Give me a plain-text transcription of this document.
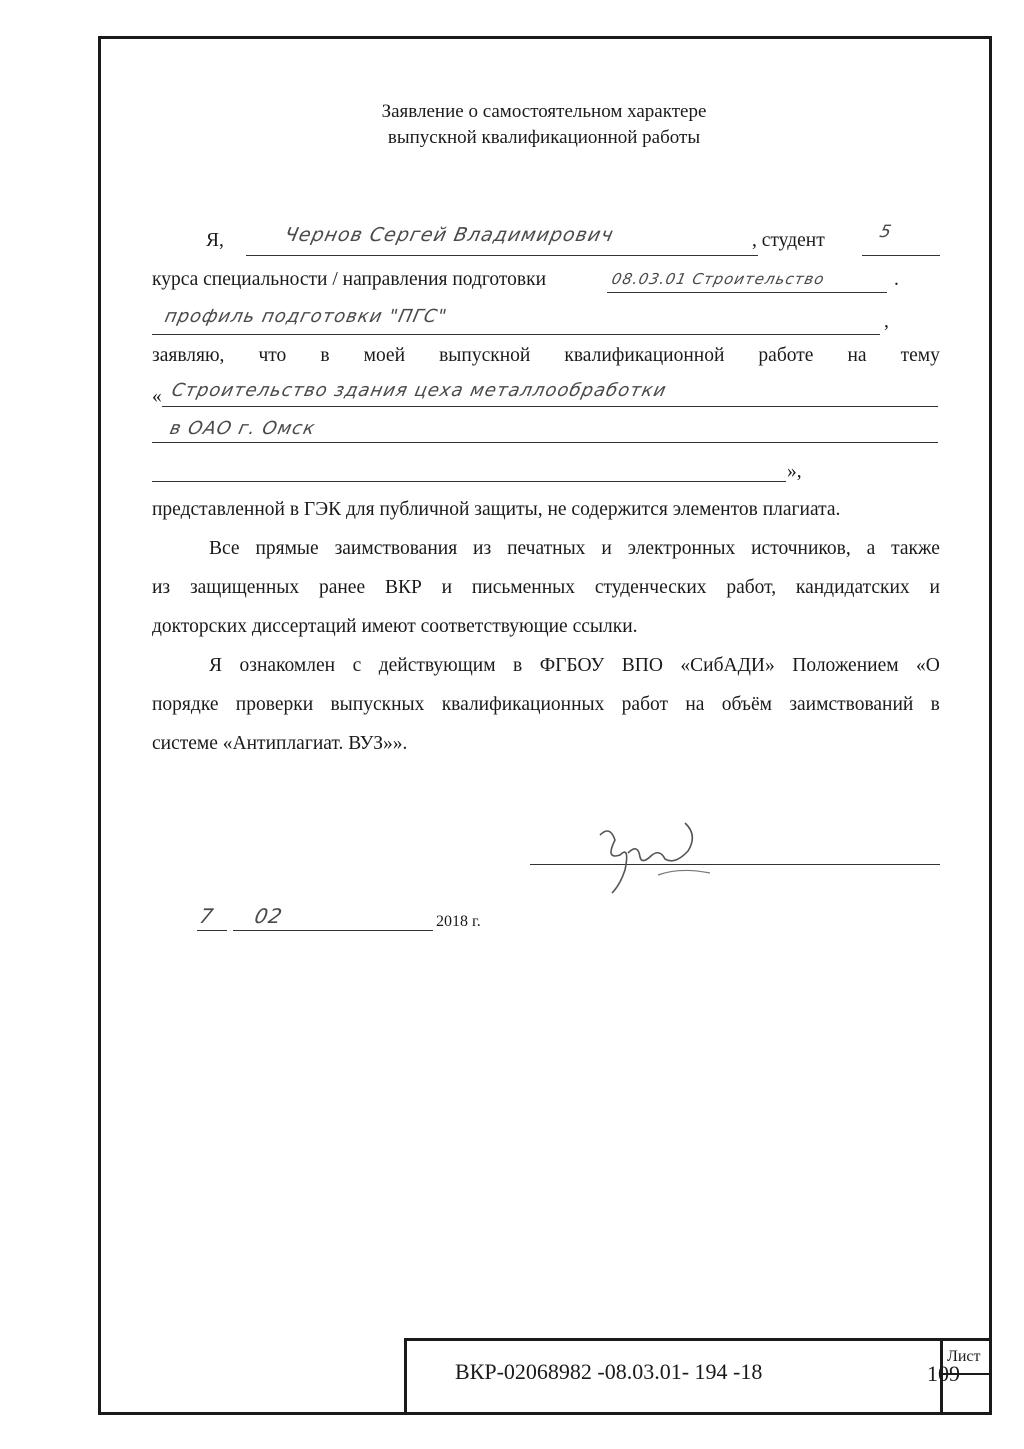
Заявление о самостоятельном характере
выпускной квалификационной работы
Я,	Чернов Сергей Владимирович	, студент	5
курса специальности / направления подготовки	08.03.01 Строительство	.
профиль подготовки "ПГС"	,
заявляю, что в моей выпускной квалификационной работе на тему
« Строительство здания цеха металлообработки
в ОАО г. Омск
»,
представленной в ГЭК для публичной защиты, не содержится элементов плагиата.
Все прямые заимствования из печатных и электронных источников, а также
из защищенных ранее ВКР и письменных студенческих работ, кандидатских и
докторских диссертаций имеют соответствующие ссылки.
Я ознакомлен с действующим в ФГБОУ ВПО «СибАДИ» Положением «О
порядке проверки выпускных квалификационных работ на объём заимствований в
системе «Антиплагиат. ВУЗ»».
7 02	2018 г.
ВКР-02068982 -08.03.01- 194 -18
Лист
109
